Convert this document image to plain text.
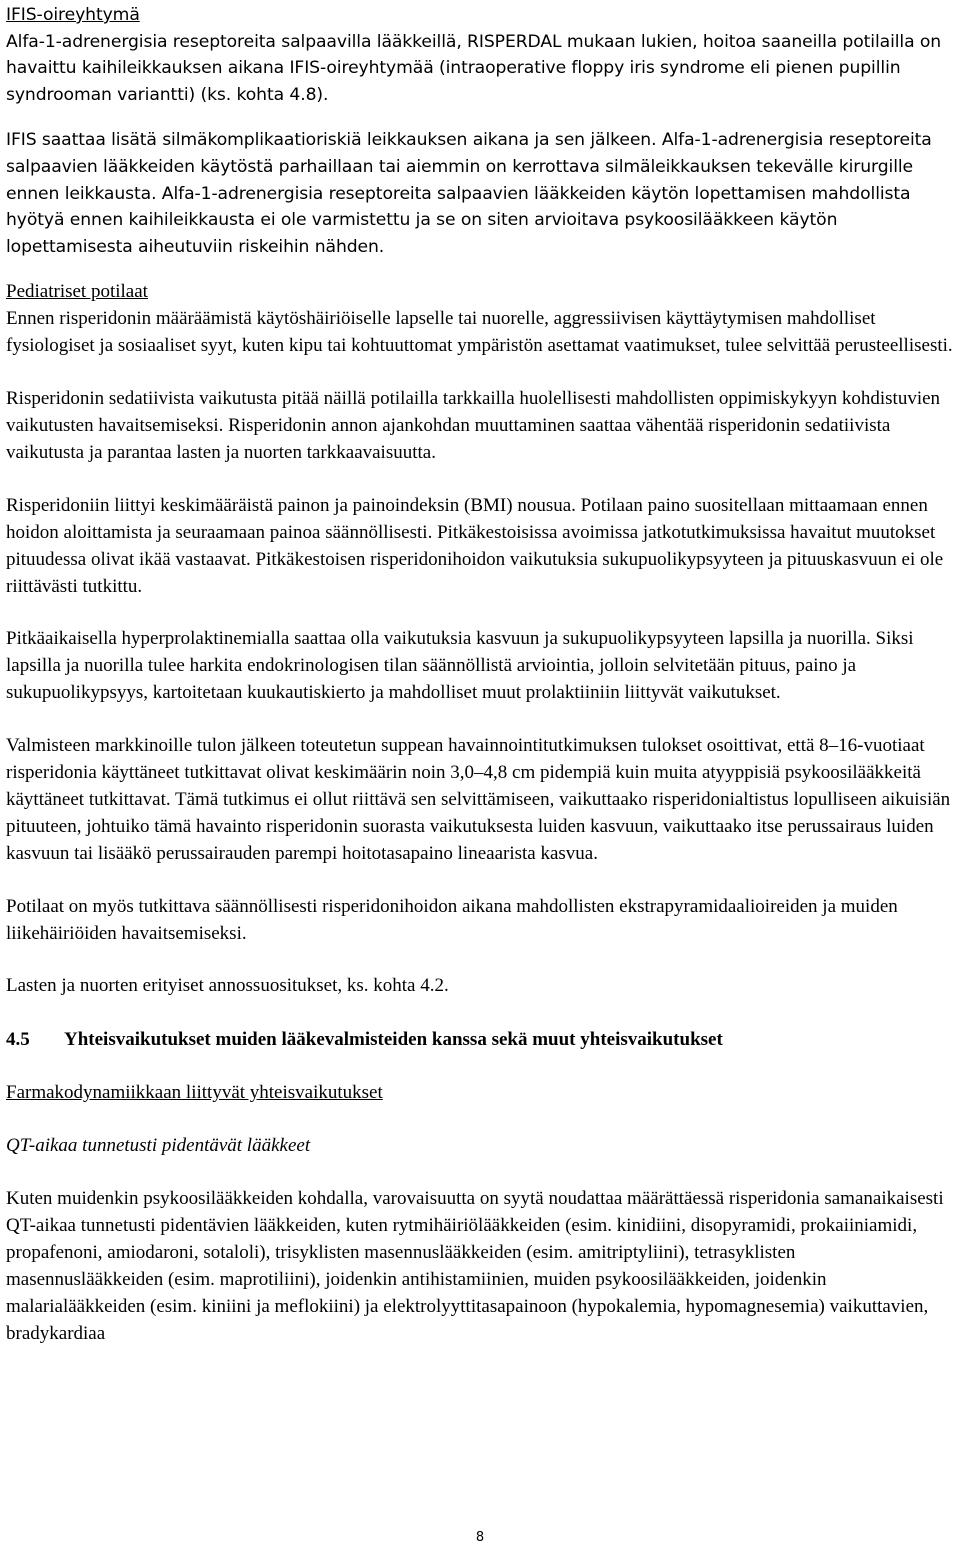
IFIS-oireyhtymä

Alfa-1-adrenergisia reseptoreita salpaavilla lääkkeillä, RISPERDAL mukaan lukien, hoitoa saaneilla potilailla on havaittu kaihileikkauksen aikana IFIS-oireyhtymää (intraoperative floppy iris syndrome eli pienen pupillin syndrooman variantti) (ks. kohta 4.8).

IFIS saattaa lisätä silmäkomplikaatioriskiä leikkauksen aikana ja sen jälkeen. Alfa-1-adrenergisia reseptoreita salpaavien lääkkeiden käytöstä parhaillaan tai aiemmin on kerrottava silmäleikkauksen tekevälle kirurgille ennen leikkausta. Alfa-1-adrenergisia reseptoreita salpaavien lääkkeiden käytön lopettamisen mahdollista hyötyä ennen kaihileikkausta ei ole varmistettu ja se on siten arvioitava psykoosilääkkeen käytön lopettamisesta aiheutuviin riskeihin nähden.

Pediatriset potilaat

Ennen risperidonin määräämistä käytöshäiriöiselle lapselle tai nuorelle, aggressiivisen käyttäytymisen mahdolliset fysiologiset ja sosiaaliset syyt, kuten kipu tai kohtuuttomat ympäristön asettamat vaatimukset, tulee selvittää perusteellisesti.

Risperidonin sedatiivista vaikutusta pitää näillä potilailla tarkkailla huolellisesti mahdollisten oppimiskykyyn kohdistuvien vaikutusten havaitsemiseksi. Risperidonin annon ajankohdan muuttaminen saattaa vähentää risperidonin sedatiivista vaikutusta ja parantaa lasten ja nuorten tarkkaavaisuutta.

Risperidoniin liittyi keskimääräistä painon ja painoindeksin (BMI) nousua. Potilaan paino suositellaan mittaamaan ennen hoidon aloittamista ja seuraamaan painoa säännöllisesti. Pitkäkestoisissa avoimissa jatkotutkimuksissa havaitut muutokset pituudessa olivat ikää vastaavat. Pitkäkestoisen risperidonihoidon vaikutuksia sukupuolikypsyyteen ja pituuskasvuun ei ole riittävästi tutkittu.

Pitkäaikaisella hyperprolaktinemialla saattaa olla vaikutuksia kasvuun ja sukupuolikypsyyteen lapsilla ja nuorilla. Siksi lapsilla ja nuorilla tulee harkita endokrinologisen tilan säännöllistä arviointia, jolloin selvitetään pituus, paino ja sukupuolikypsyys, kartoitetaan kuukautiskierto ja mahdolliset muut prolaktiiniin liittyvät vaikutukset.

Valmisteen markkinoille tulon jälkeen toteutetun suppean havainnointitutkimuksen tulokset osoittivat, että 8–16-vuotiaat risperidonia käyttäneet tutkittavat olivat keskimäärin noin 3,0–4,8 cm pidempiä kuin muita atyyppisiä psykoosilääkkeitä käyttäneet tutkittavat. Tämä tutkimus ei ollut riittävä sen selvittämiseen, vaikuttaako risperidonialtistus lopulliseen aikuisiän pituuteen, johtuiko tämä havainto risperidonin suorasta vaikutuksesta luiden kasvuun, vaikuttaako itse perussairaus luiden kasvuun tai lisääkö perussairauden parempi hoitotasapaino lineaarista kasvua.

Potilaat on myös tutkittava säännöllisesti risperidonihoidon aikana mahdollisten ekstrapyramidaalioireiden ja muiden liikehäiriöiden havaitsemiseksi.

Lasten ja nuorten erityiset annossuositukset, ks. kohta 4.2.

4.5	Yhteisvaikutukset muiden lääkevalmisteiden kanssa sekä muut yhteisvaikutukset

Farmakodynamiikkaan liittyvät yhteisvaikutukset

QT-aikaa tunnetusti pidentävät lääkkeet

Kuten muidenkin psykoosilääkkeiden kohdalla, varovaisuutta on syytä noudattaa määrättäessä risperidonia samanaikaisesti QT-aikaa tunnetusti pidentävien lääkkeiden, kuten rytmihäiriölääkkeiden (esim. kinidiini, disopyramidi, prokaiiniamidi, propafenoni, amiodaroni, sotaloli), trisyklisten masennuslääkkeiden (esim. amitriptyliini), tetrasyklisten masennuslääkkeiden (esim. maprotiliini), joidenkin antihistamiinien, muiden psykoosilääkkeiden, joidenkin malarialääkkeiden (esim. kiniini ja meflokiini) ja elektrolyyttitasapainoon (hypokalemia, hypomagnesemia) vaikuttavien, bradykardiaa

8
